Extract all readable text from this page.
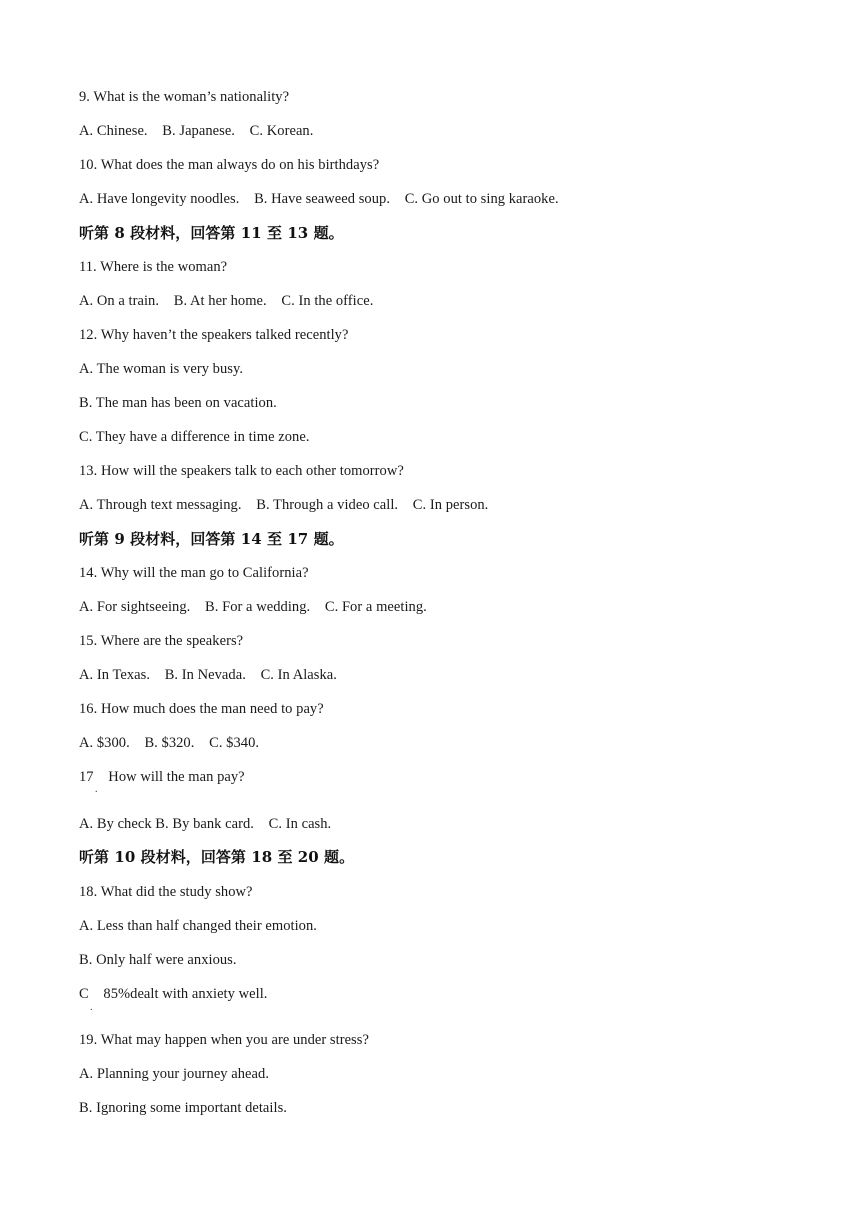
9. What is the woman’s nationality?
A. Chinese.    B. Japanese.    C. Korean.
10. What does the man always do on his birthdays?
A. Have longevity noodles.    B. Have seaweed soup.    C. Go out to sing karaoke.
听第 8 段材料，回答第 11 至 13 题。
11. Where is the woman?
A. On a train.    B. At her home.    C. In the office.
12. Why haven’t the speakers talked recently?
A. The woman is very busy.
B. The man has been on vacation.
C. They have a difference in time zone.
13. How will the speakers talk to each other tomorrow?
A. Through text messaging.    B. Through a video call.    C. In person.
听第 9 段材料，回答第 14 至 17 题。
14. Why will the man go to California?
A. For sightseeing.    B. For a wedding.    C. For a meeting.
15. Where are the speakers?
A. In Texas.    B. In Nevada.    C. In Alaska.
16. How much does the man need to pay?
A. $300.    B. $320.    C. $340.
17    How will the man pay?
.
A. By check B. By bank card.    C. In cash.
听第 10 段材料，回答第 18 至 20 题。
18. What did the study show?
A. Less than half changed their emotion.
B. Only half were anxious.
C    85%dealt with anxiety well.
.
19. What may happen when you are under stress?
A. Planning your journey ahead.
B. Ignoring some important details.
